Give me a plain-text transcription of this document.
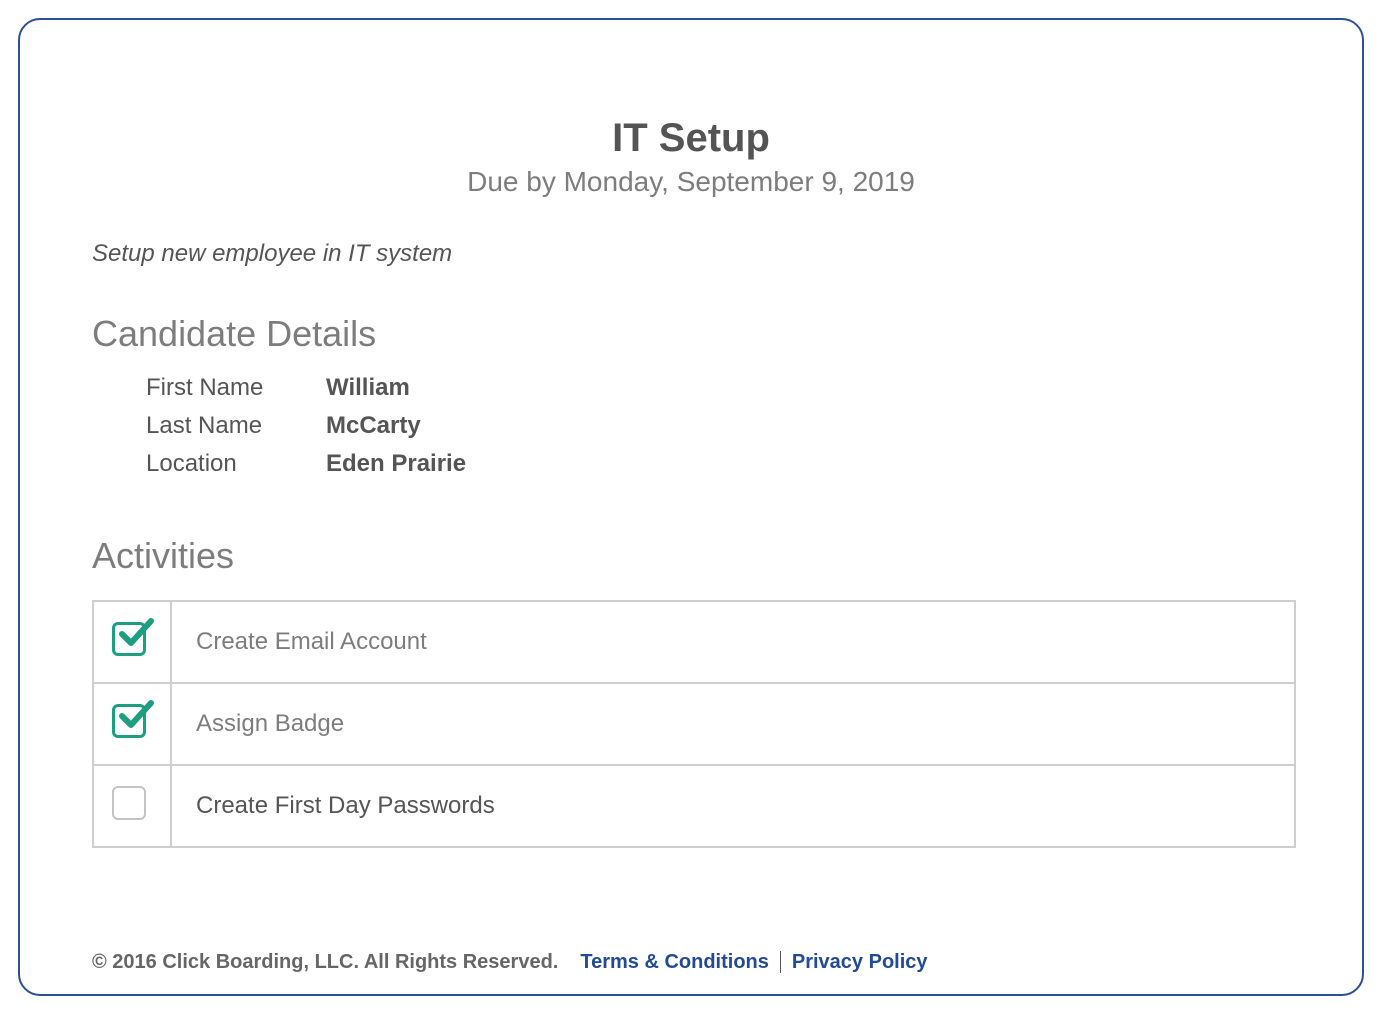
IT Setup
Due by Monday, September 9, 2019
Setup new employee in IT system
Candidate Details
First Name	William
Last Name	McCarty
Location	Eden Prairie
Activities
Create Email Account
Assign Badge
Create First Day Passwords
© 2016 Click Boarding, LLC. All Rights Reserved. Terms & Conditions Privacy Policy
